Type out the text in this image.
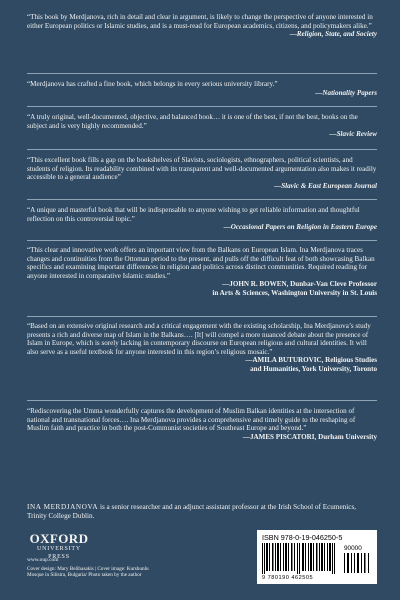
“This book by Merdjanova, rich in detail and clear in argument, is likely to change the perspective of anyone interested in either European politics or Islamic studies, and is a must-read for European academics, citizens, and policymakers alike.”

—Religion, State, and Society

“Merdjanova has crafted a fine book, which belongs in every serious university library.”

—Nationality Papers

“A truly original, well-documented, objective, and balanced book… it is one of the best, if not the best, books on the subject and is very highly recommended.”

—Slavic Review

“This excellent book fills a gap on the bookshelves of Slavists, sociologists, ethnographers, political scientists, and students of religion. Its readability combined with its transparent and well-documented argumentation also makes it readily accessible to a general audience”

—Slavic & East European Journal

“A unique and masterful book that will be indispensable to anyone wishing to get reliable information and thoughtful reflection on this controversial topic.”

—Occasional Papers on Religion in Eastern Europe

“This clear and innovative work offers an important view from the Balkans on European Islam. Ina Merdjanova traces changes and continuities from the Ottoman period to the present, and pulls off the difficult feat of both showcasing Balkan specifics and examining important differences in religion and politics across distinct communities. Required reading for anyone interested in comparative Islamic studies.”

—JOHN R. BOWEN, Dunbar-Van Cleve Professor
in Arts & Sciences, Washington University in St. Louis

“Based on an extensive original research and a critical engagement with the existing scholarship, Ina Merdjanova’s study presents a rich and diverse map of Islam in the Balkans…. [It] will compel a more nuanced debate about the presence of Islam in Europe, which is sorely lacking in contemporary discourse on European religious and cultural identities. It will also serve as a useful textbook for anyone interested in this region’s religious mosaic.”

—AMILA BUTUROVIC, Religious Studies
and Humanities, York University, Toronto

“Rediscovering the Umma wonderfully captures the development of Muslim Balkan identities at the intersection of national and transnational forces…. Ina Merdjanova provides a comprehensive and timely guide to the reshaping of Muslim faith and practice in both the post-Communist societies of Southeast Europe and beyond.”

—JAMES PISCATORI, Durham University

INA MERDJANOVA is a senior researcher and an adjunct assistant professor at the Irish School of Ecumenics, Trinity College Dublin.

OXFORD
UNIVERSITY PRESS
www.oup.com
Cover design: Mary Belibasakis | Cover image: Kurshunlu
Mosque in Silistra, Bulgaria/ Photo taken by the author
ISBN 978-0-19-046250-5
90000
9 780190 462505
